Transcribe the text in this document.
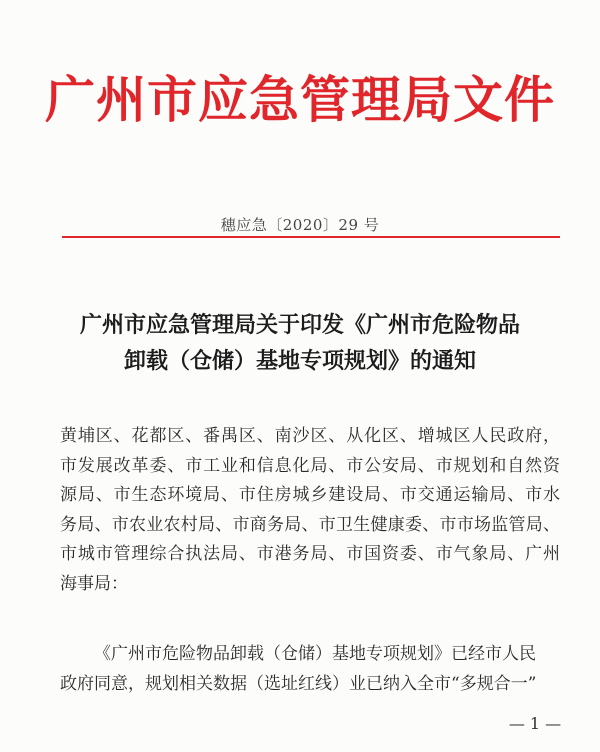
广州市应急管理局文件
穗应急〔2020〕29 号
广州市应急管理局关于印发《广州市危险物品
卸载（仓储）基地专项规划》的通知
黄埔区、花都区、番禺区、南沙区、从化区、增城区人民政府，
市发展改革委、市工业和信息化局、市公安局、市规划和自然资
源局、市生态环境局、市住房城乡建设局、市交通运输局、市水
务局、市农业农村局、市商务局、市卫生健康委、市市场监管局、
市城市管理综合执法局、市港务局、市国资委、市气象局、广州
海事局：
《广州市危险物品卸载（仓储）基地专项规划》已经市人民
政府同意，规划相关数据（选址红线）业已纳入全市“多规合一”
— 1 —
